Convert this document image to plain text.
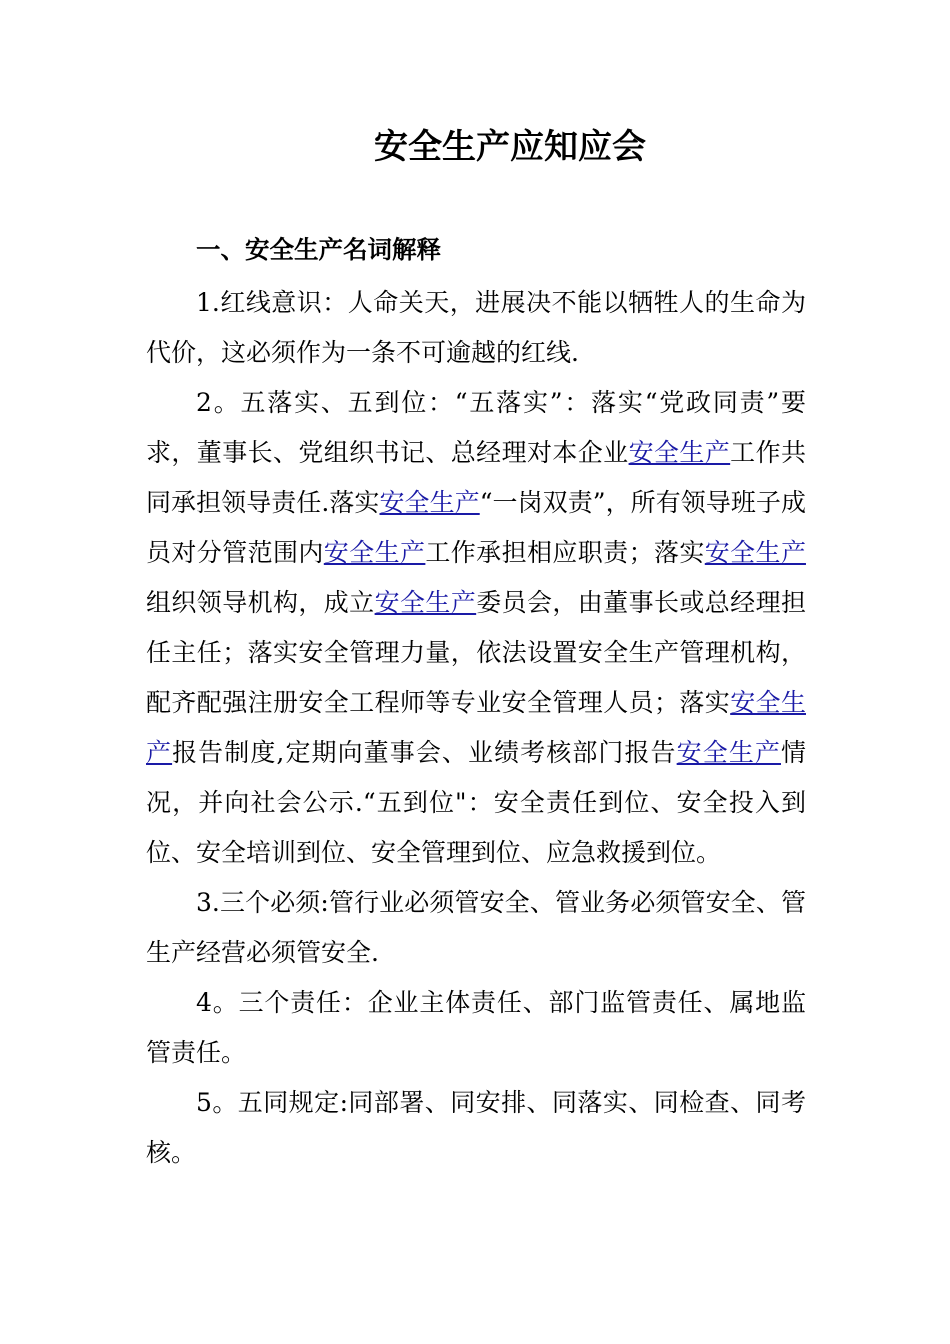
安全生产应知应会

一、安全生产名词解释

1.红线意识：人命关天，进展决不能以牺牲人的生命为代价，这必须作为一条不可逾越的红线.

2。五落实、五到位：“五落实”：落实“党政同责”要求，董事长、党组织书记、总经理对本企业安全生产工作共同承担领导责任.落实安全生产“一岗双责”，所有领导班子成员对分管范围内安全生产工作承担相应职责；落实安全生产组织领导机构，成立安全生产委员会，由董事长或总经理担任主任；落实安全管理力量，依法设置安全生产管理机构，配齐配强注册安全工程师等专业安全管理人员；落实安全生产报告制度,定期向董事会、业绩考核部门报告安全生产情况，并向社会公示.“五到位"：安全责任到位、安全投入到位、安全培训到位、安全管理到位、应急救援到位。

3.三个必须:管行业必须管安全、管业务必须管安全、管生产经营必须管安全.

4。三个责任：企业主体责任、部门监管责任、属地监管责任。

5。五同规定:同部署、同安排、同落实、同检查、同考核。
